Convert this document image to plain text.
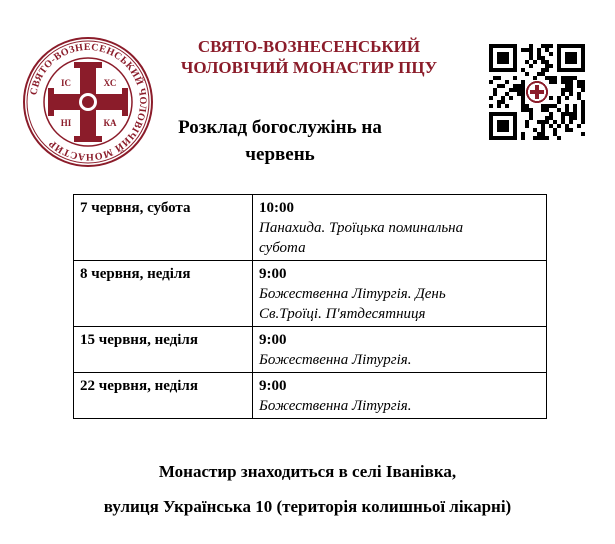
СВЯТО-ВОЗНЕСЕНСЬКИЙ ЧОЛОВІЧИЙ МОНАСТИР
ІС	ХС
НІ	КА
СВЯТО-ВОЗНЕСЕНСЬКИЙ
ЧОЛОВІЧИЙ МОНАСТИР ПЦУ
Розклад богослужінь на
червень
7 червня, субота	10:00
Панахида. Троїцька поминальна
субота

8 червня, неділя	9:00
Божественна Літургія. День
Св.Троїці. П'ятдесятниця

15 червня, неділя	9:00
Божественна Літургія.

22 червня, неділя	9:00
Божественна Літургія.
Монастир знаходиться в селі Іванівка,
вулиця Українська 10 (територія колишньої лікарні)
